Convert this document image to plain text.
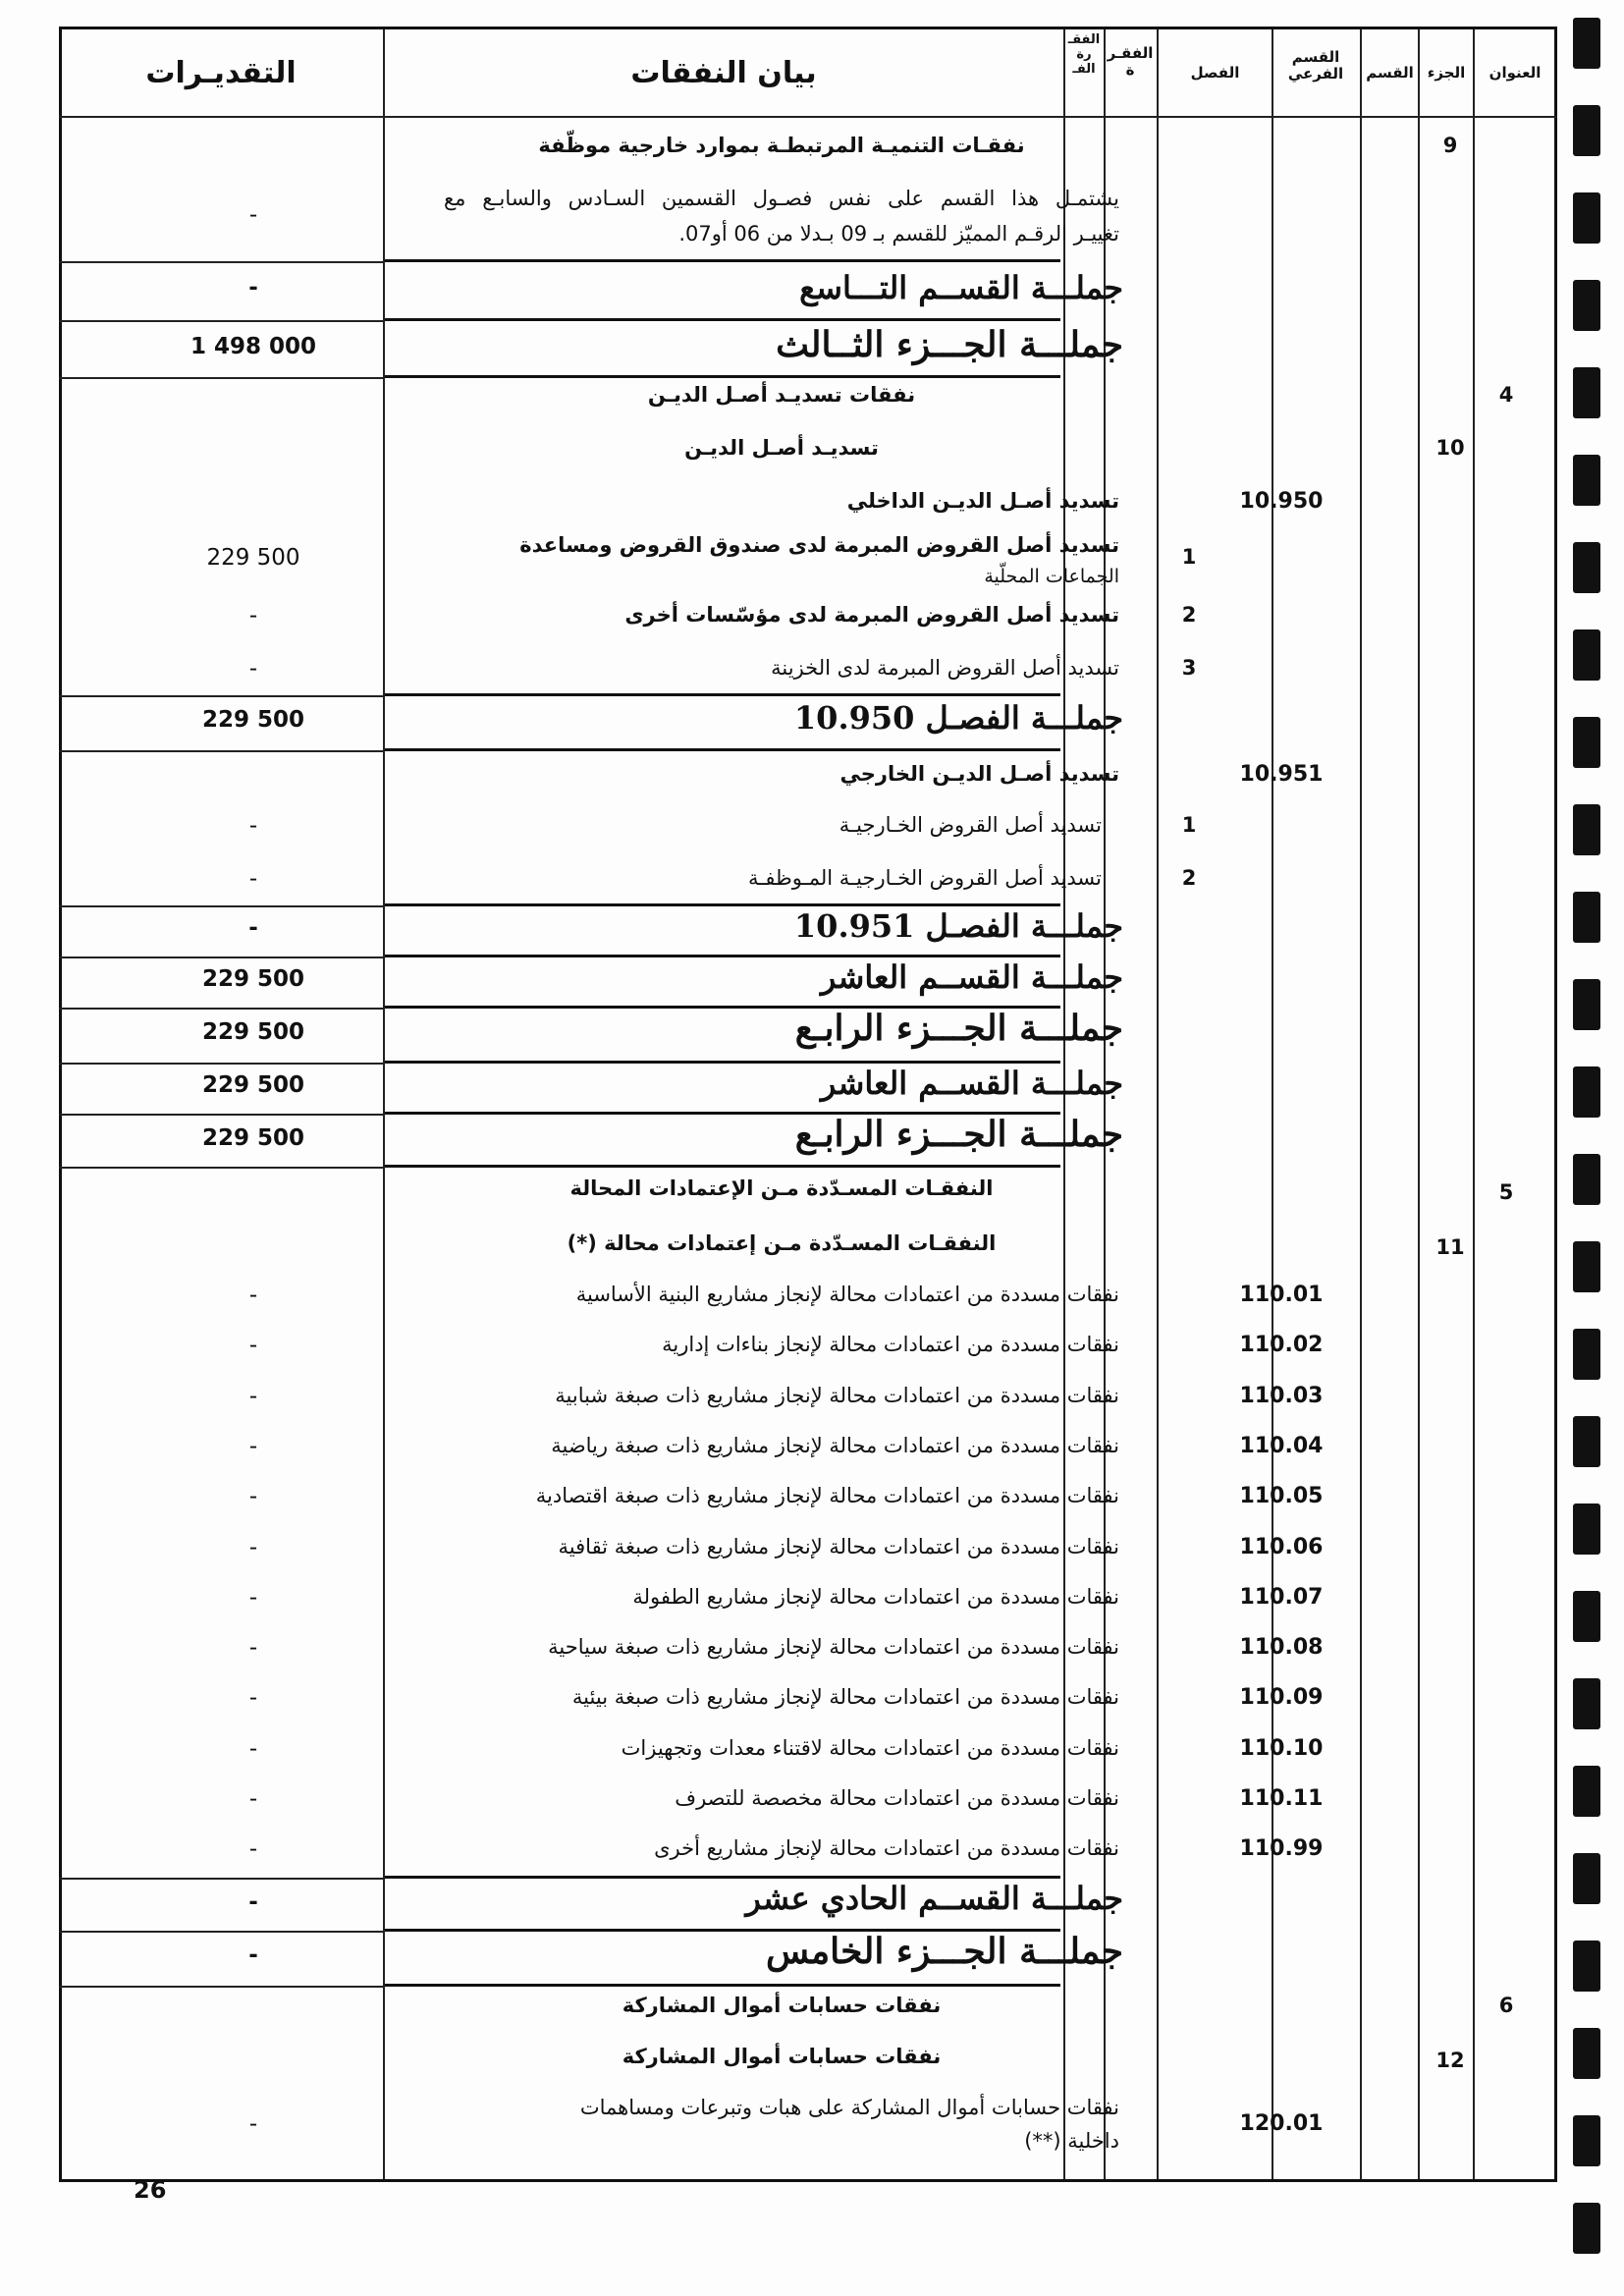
العنوان
الجزء
القسم
القسم الفرعي
الفصل
الفقـر ة
الفقـ رة الفـ
بيان النفقات
التقديـرات
9
نفقـات التنميـة المرتبطـة بموارد خارجية موظّفة
يشتمـل هذا القسم على نفس فصـول القسمين السـادس والسابـع مع
-
تغييـر الرقـم المميّز للقسم بـ 09 بـدلا من 06 أو07.
جملـــة القســم التـــاسع
-
جملـــة الجـــزء الثــالث
1 498 000
4
نفقات تسديـد أصـل الديـن
10
تسديـد أصـل الديـن
10.950
تسديد أصـل الديـن الداخلي
1
تسديد أصل القروض المبرمة لدى صندوق القروض ومساعدة
229 500
الجماعات المحلّية
2
تسديد أصل القروض المبرمة لدى مؤسّسات أخرى
-
3
تسديد أصل القروض المبرمة لدى الخزينة
-
جملـــة الفصـل 10.950
229 500
10.951
تسديد أصـل الديـن الخارجي
1
تسديد أصل القروض الخـارجيـة
-
2
تسديد أصل القروض الخـارجيـة المـوظفـة
-
جملـــة الفصـل 10.951
-
جملـــة القســم العاشر
229 500
جملـــة الجـــزء الرابـع
229 500
جملـــة القســم العاشر
229 500
جملـــة الجـــزء الرابـع
229 500
5
النفقـات المسـدّدة مـن الإعتمادات المحالة
11
النفقـات المسـدّدة مـن إعتمادات محالة (*)
110.01
نفقات مسددة من اعتمادات محالة لإنجاز مشاريع البنية الأساسية
-
110.02
نفقات مسددة من اعتمادات محالة لإنجاز بناءات إدارية
-
110.03
نفقات مسددة من اعتمادات محالة لإنجاز مشاريع ذات صبغة شبابية
-
110.04
نفقات مسددة من اعتمادات محالة لإنجاز مشاريع ذات صبغة رياضية
-
110.05
نفقات مسددة من اعتمادات محالة لإنجاز مشاريع ذات صبغة اقتصادية
-
110.06
نفقات مسددة من اعتمادات محالة لإنجاز مشاريع ذات صبغة ثقافية
-
110.07
نفقات مسددة من اعتمادات محالة لإنجاز مشاريع الطفولة
-
110.08
نفقات مسددة من اعتمادات محالة لإنجاز مشاريع ذات صبغة سياحية
-
110.09
نفقات مسددة من اعتمادات محالة لإنجاز مشاريع ذات صبغة بيئية
-
110.10
نفقات مسددة من اعتمادات محالة لاقتناء معدات وتجهيزات
-
110.11
نفقات مسددة من اعتمادات محالة مخصصة للتصرف
-
110.99
نفقات مسددة من اعتمادات محالة لإنجاز مشاريع أخرى
-
جملـــة القســم الحادي عشر
-
جملـــة الجـــزء الخامس
-
6
نفقات حسابات أموال المشاركة
12
نفقات حسابات أموال المشاركة
120.01
نفقات حسابات أموال المشاركة على هبات وتبرعات ومساهمات
-
داخلية (**)
26
